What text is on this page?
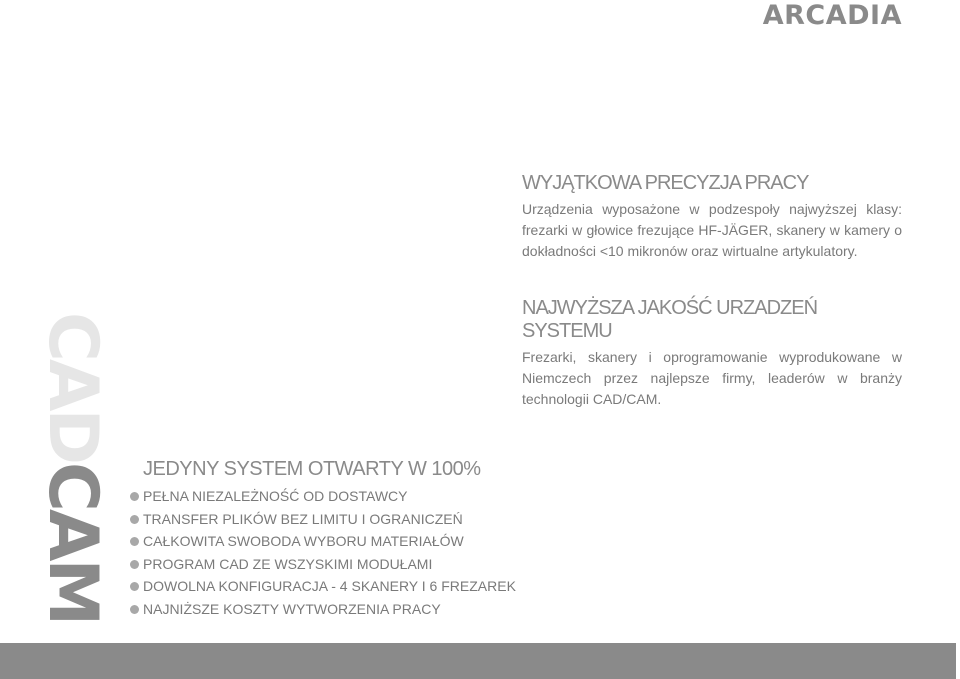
ARCADIA
CADCAM
WYJĄTKOWA PRECYZJA PRACY

Urządzenia wyposażone w podzespoły najwyższej klasy: frezarki w głowice frezujące HF-JÄGER, skanery w kamery o dokładności <10 mikronów oraz wirtualne artykulatory.

NAJWYŻSZA JAKOŚĆ URZADZEŃ SYSTEMU

Frezarki, skanery i oprogramowanie wyprodukowane w Niemczech przez najlepsze firmy, leaderów w branży technologii CAD/CAM.

JEDYNY SYSTEM OTWARTY W 100%
PEŁNA NIEZALEŻNOŚĆ OD DOSTAWCY
TRANSFER PLIKÓW BEZ LIMITU I OGRANICZEŃ
CAŁKOWITA SWOBODA WYBORU MATERIAŁÓW
PROGRAM CAD ZE WSZYSKIMI MODUŁAMI
DOWOLNA KONFIGURACJA - 4 SKANERY I 6 FREZAREK
NAJNIŻSZE KOSZTY WYTWORZENIA PRACY
